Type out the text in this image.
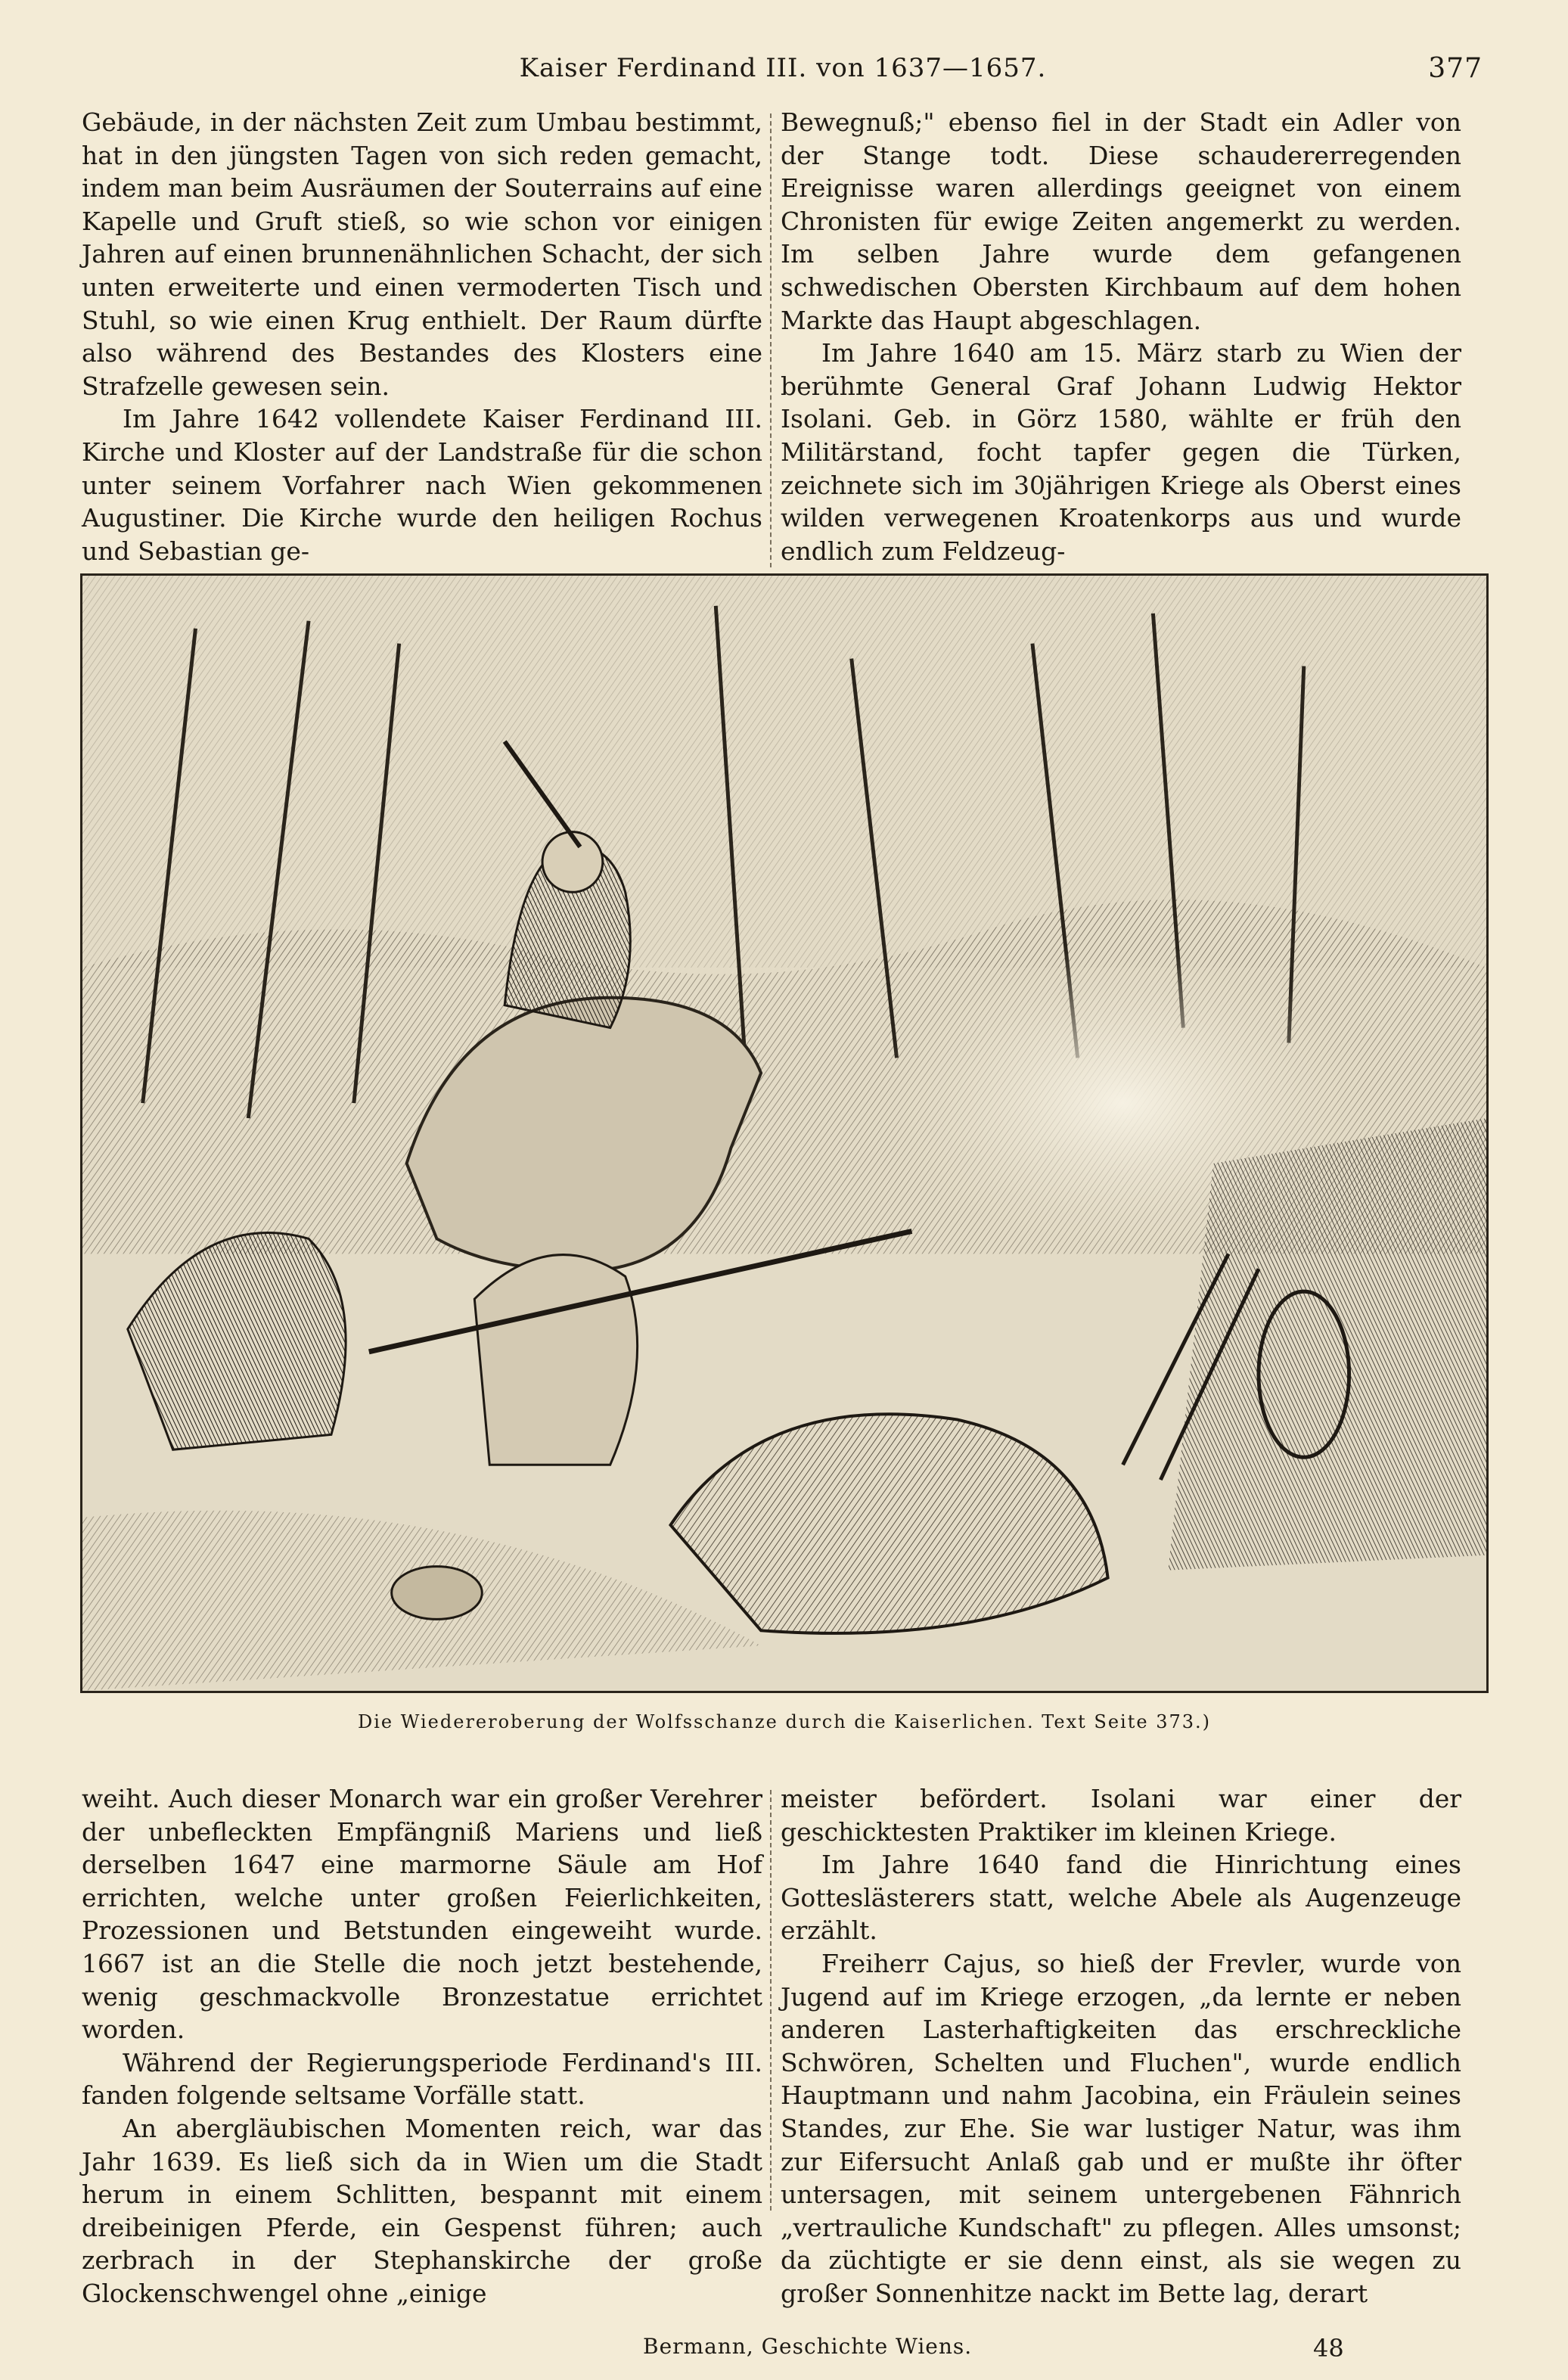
Kaiser Ferdinand III. von 1637—1657.	377

Gebäude, in der nächsten Zeit zum Umbau bestimmt, hat in den jüngsten Tagen von sich reden gemacht, indem man beim Ausräumen der Souterrains auf eine Kapelle und Gruft stieß, so wie schon vor einigen Jahren auf einen brunnenähnlichen Schacht, der sich unten erweiterte und einen vermoderten Tisch und Stuhl, so wie einen Krug enthielt. Der Raum dürfte also während des Bestandes des Klosters eine Strafzelle gewesen sein.

Im Jahre 1642 vollendete Kaiser Ferdinand III. Kirche und Kloster auf der Landstraße für die schon unter seinem Vorfahrer nach Wien gekommenen Augustiner. Die Kirche wurde den heiligen Rochus und Sebastian ge-

Bewegnuß;" ebenso fiel in der Stadt ein Adler von der Stange todt. Diese schaudererregenden Ereignisse waren allerdings geeignet von einem Chronisten für ewige Zeiten angemerkt zu werden. Im selben Jahre wurde dem gefangenen schwedischen Obersten Kirchbaum auf dem hohen Markte das Haupt abgeschlagen.

Im Jahre 1640 am 15. März starb zu Wien der berühmte General Graf Johann Ludwig Hektor Isolani. Geb. in Görz 1580, wählte er früh den Militärstand, focht tapfer gegen die Türken, zeichnete sich im 30jährigen Kriege als Oberst eines wilden verwegenen Kroatenkorps aus und wurde endlich zum Feldzeug-

Die Wiedereroberung der Wolfsschanze durch die Kaiserlichen. Text Seite 373.)

weiht. Auch dieser Monarch war ein großer Verehrer der unbefleckten Empfängniß Mariens und ließ derselben 1647 eine marmorne Säule am Hof errichten, welche unter großen Feierlichkeiten, Prozessionen und Betstunden eingeweiht wurde. 1667 ist an die Stelle die noch jetzt bestehende, wenig geschmackvolle Bronzestatue errichtet worden.

Während der Regierungsperiode Ferdinand's III. fanden folgende seltsame Vorfälle statt.

An abergläubischen Momenten reich, war das Jahr 1639. Es ließ sich da in Wien um die Stadt herum in einem Schlitten, bespannt mit einem dreibeinigen Pferde, ein Gespenst führen; auch zerbrach in der Stephanskirche der große Glockenschwengel ohne „einige

meister befördert. Isolani war einer der geschicktesten Praktiker im kleinen Kriege.

Im Jahre 1640 fand die Hinrichtung eines Gotteslästerers statt, welche Abele als Augenzeuge erzählt.

Freiherr Cajus, so hieß der Frevler, wurde von Jugend auf im Kriege erzogen, „da lernte er neben anderen Lasterhaftigkeiten das erschreckliche Schwören, Schelten und Fluchen", wurde endlich Hauptmann und nahm Jacobina, ein Fräulein seines Standes, zur Ehe. Sie war lustiger Natur, was ihm zur Eifersucht Anlaß gab und er mußte ihr öfter untersagen, mit seinem untergebenen Fähnrich „vertrauliche Kundschaft" zu pflegen. Alles umsonst; da züchtigte er sie denn einst, als sie wegen zu großer Sonnenhitze nackt im Bette lag, derart

Bermann, Geschichte Wiens.	48
